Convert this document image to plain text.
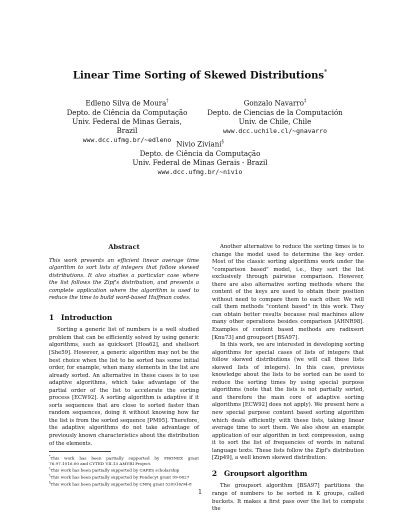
Linear Time Sorting of Skewed Distributions*
Edleno Silva de Moura†
Depto. de Ciência da Computação
Univ. Federal de Minas Gerais, Brazil
www.dcc.ufmg.br/~edleno
Gonzalo Navarro‡
Depto. de Ciencias de la Computación
Univ. de Chile, Chile
www.dcc.uchile.cl/~gnavarro
Nivio Ziviani§
Depto. de Ciência da Computação
Univ. Federal de Minas Gerais - Brazil
www.dcc.ufmg.br/~nivio
Abstract

This work presents an efficient linear average time algorithm to sort lists of integers that follow skewed distributions. It also studies a particular case where the list follows the Zipf's distribution, and presents a complete application where the algorithm is used to reduce the time to build word-based Huffman codes.

1 Introduction

Sorting a generic list of numbers is a well studied problem that can be efficiently solved by using generic algorithms, such as quicksort [Hoa62], and shellsort [She59]. However, a generic algorithm may not be the best choice when the list to be sorted has some initial order, for example, when many elements in the list are already sorted. An alternative in these cases is to use adaptive algorithms, which take advantage of the partial order of the list to accelerate the sorting process [ECW92]. A sorting algorithm is adaptive if it sorts sequences that are close to sorted faster than random sequences, doing it without knowing how far the list is from the sorted sequence [PM95]. Therefore, the adaptive algorithms do not take advantage of previously known characteristics about the distribution of the elements.

*This work has been partially supported by PRONEX grant 76.97.1016.00 and CYTED VII.13 AMYRI Project.
†This work has been partially supported by CAPES scholarship
‡This work has been partially supported by Fondecyt grant 99-0627
§This work has been partially supported by CNPq grant 520916/94-8

Another alternative to reduce the sorting times is to change the model used to determine the key order. Most of the classic sorting algorithms work under the "comparison based" model, i.e., they sort the list exclusively through pairwise comparison. However, there are also alternative sorting methods where the content of the keys are used to obtain their position without need to compare them to each other. We will call them methods "content based" in this work. They can obtain better results because real machines allow many other operations besides comparison [AHNR98]. Examples of content based methods are radixsort [Knu73] and groupsort [BSA97].

In this work, we are interested in developing sorting algorithms for special cases of lists of integers that follow skewed distributions (we will call these lists skewed lists of integers). In this case, previous knowledge about the lists to be sorted can be used to reduce the sorting times by using special purpose algorithms (note that the lists is not partially sorted, and therefore the main core of adaptive sorting algorithms [ECW92] does not apply). We present here a new special purpose content based sorting algorithm which deals efficiently with these lists, taking linear average time to sort them. We also show an example application of our algorithm in text compression, using it to sort the list of frequencies of words in natural language texts. These lists follow the Zipf's distribution [Zip49], a well known skewed distribution.

2 Groupsort algorithm

The groupsort algorithm [BSA97] partitions the range of numbers to be sorted in K groups, called buckets. It makes a first pass over the list to compute the

1
